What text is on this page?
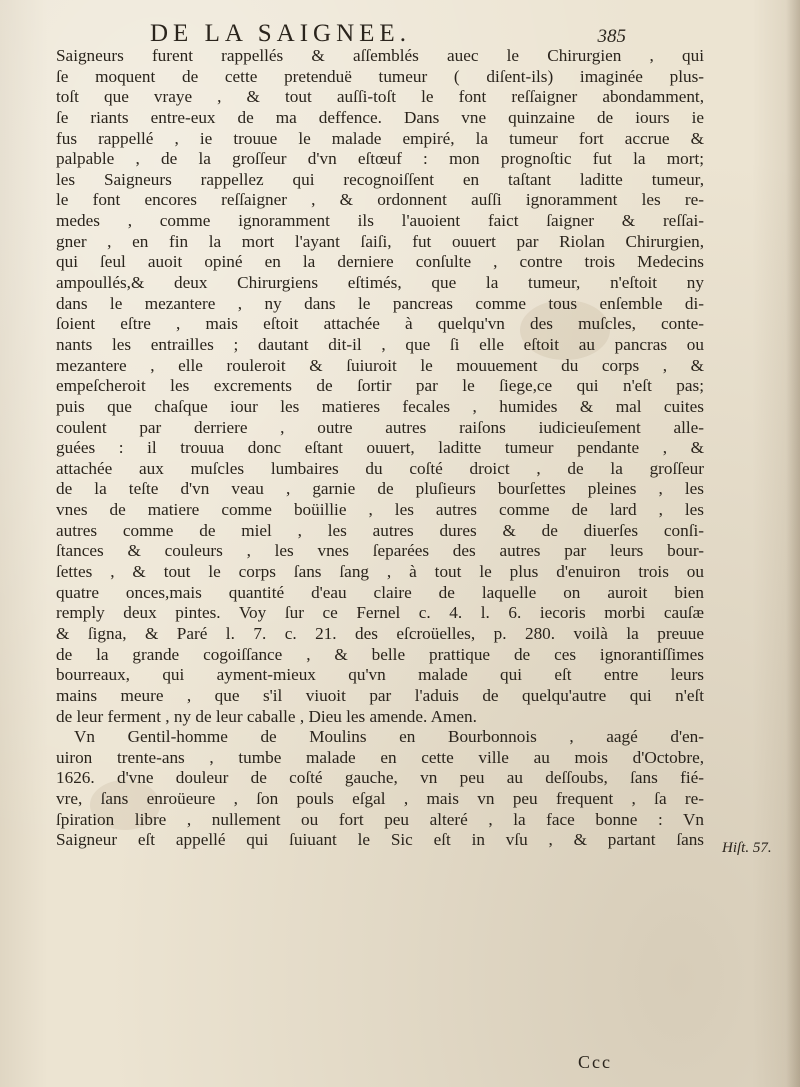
DE LA SAIGNEE.	385
Saigneurs furent rappellés & aſſemblés auec le Chirurgien , qui
ſe moquent de cette pretenduë tumeur ( diſent-ils) imaginée plus-
toſt que vraye , & tout auſſi-toſt le font reſſaigner abondamment,
ſe riants entre-eux de ma deffence. Dans vne quinzaine de iours ie
fus rappellé , ie trouue le malade empiré, la tumeur fort accrue &
palpable , de la groſſeur d'vn eſtœuf : mon prognoſtic fut la mort;
les Saigneurs rappellez qui recognoiſſent en taſtant laditte tumeur,
le font encores reſſaigner , & ordonnent auſſi ignoramment les re-
medes , comme ignoramment ils l'auoient faict ſaigner & reſſai-
gner , en fin la mort l'ayant ſaiſi, fut ouuert par Riolan Chirurgien,
qui ſeul auoit opiné en la derniere conſulte , contre trois Medecins
ampoullés,& deux Chirurgiens eſtimés, que la tumeur, n'eſtoit ny
dans le mezantere , ny dans le pancreas comme tous enſemble di-
ſoient eſtre , mais eſtoit attachée à quelqu'vn des muſcles, conte-
nants les entrailles ; dautant dit-il , que ſi elle eſtoit au pancras ou
mezantere , elle rouleroit & ſuiuroit le mouuement du corps , &
empeſcheroit les excrements de ſortir par le ſiege,ce qui n'eſt pas;
puis que chaſque iour les matieres fecales , humides & mal cuites
coulent par derriere , outre autres raiſons iudicieuſement alle-
guées : il trouua donc eſtant ouuert, laditte tumeur pendante , &
attachée aux muſcles lumbaires du coſté droict , de la groſſeur
de la teſte d'vn veau , garnie de pluſieurs bourſettes pleines , les
vnes de matiere comme boüillie , les autres comme de lard , les
autres comme de miel , les autres dures & de diuerſes conſi-
ſtances & couleurs , les vnes ſeparées des autres par leurs bour-
ſettes , & tout le corps ſans ſang , à tout le plus d'enuiron trois ou
quatre onces,mais quantité d'eau claire de laquelle on auroit bien
remply deux pintes. Voy ſur ce Fernel c. 4. l. 6. iecoris morbi cauſæ
& ſigna, & Paré l. 7. c. 21. des eſcroüelles, p. 280. voilà la preuue
de la grande cogoiſſance , & belle prattique de ces ignorantiſſimes
bourreaux, qui ayment-mieux qu'vn malade qui eſt entre leurs
mains meure , que s'il viuoit par l'aduis de quelqu'autre qui n'eſt
de leur ferment , ny de leur caballe , Dieu les amende. Amen.
Vn Gentil-homme de Moulins en Bourbonnois , aagé d'en-
uiron trente-ans , tumbe malade en cette ville au mois d'Octobre,
1626. d'vne douleur de coſté gauche, vn peu au deſſoubs, ſans fié-
vre, ſans enroüeure , ſon pouls eſgal , mais vn peu frequent , ſa re-
ſpiration libre , nullement ou fort peu alteré , la face bonne : Vn
Saigneur eſt appellé qui ſuiuant le Sic eſt in vſu , & partant ſans Hiſt. 57.
Ccc
